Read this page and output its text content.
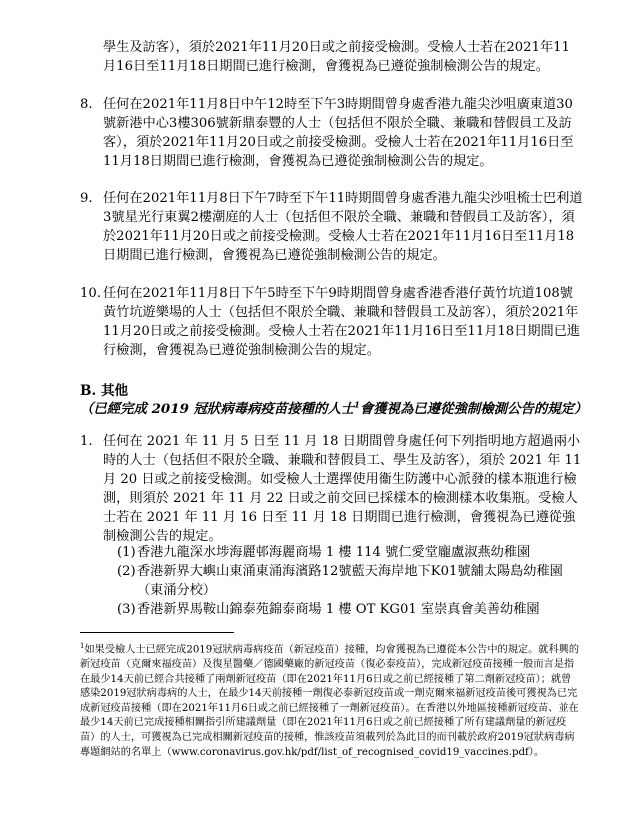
學生及訪客），須於2021年11月20日或之前接受檢測。受檢人士若在2021年11月16日至11月18日期間已進行檢測，會獲視為已遵從強制檢測公告的規定。
8. 任何在2021年11月8日中午12時至下午3時期間曾身處香港九龍尖沙咀廣東道30號新港中心3樓306號新鼎泰豐的人士（包括但不限於全職、兼職和替假員工及訪客），須於2021年11月20日或之前接受檢測。受檢人士若在2021年11月16日至11月18日期間已進行檢測，會獲視為已遵從強制檢測公告的規定。
9. 任何在2021年11月8日下午7時至下午11時期間曾身處香港九龍尖沙咀梳士巴利道3號星光行東翼2樓潮庭的人士（包括但不限於全職、兼職和替假員工及訪客），須於2021年11月20日或之前接受檢測。受檢人士若在2021年11月16日至11月18日期間已進行檢測，會獲視為已遵從強制檢測公告的規定。
10. 任何在2021年11月8日下午5時至下午9時期間曾身處香港香港仔黃竹坑道108號黃竹坑遊樂場的人士（包括但不限於全職、兼職和替假員工及訪客），須於2021年11月20日或之前接受檢測。受檢人士若在2021年11月16日至11月18日期間已進行檢測，會獲視為已遵從強制檢測公告的規定。
B. 其他
（已經完成 2019 冠狀病毒病疫苗接種的人士$^1$會獲視為已遵從強制檢測公告的規定）
1. 任何在 2021 年 11 月 5 日至 11 月 18 日期間曾身處任何下列指明地方超過兩小時的人士（包括但不限於全職、兼職和替假員工、學生及訪客），須於 2021 年 11 月 20 日或之前接受檢測。如受檢人士選擇使用衞生防護中心派發的樣本瓶進行檢測，則須於 2021 年 11 月 22 日或之前交回已採樣本的檢測樣本收集瓶。受檢人士若在 2021 年 11 月 16 日至 11 月 18 日期間已進行檢測，會獲視為已遵從強制檢測公告的規定。
(1) 香港九龍深水埗海麗邨海麗商場 1 樓 114 號仁愛堂龐盧淑燕幼稚園
(2) 香港新界大嶼山東涌東涌海濱路12號藍天海岸地下K01號舖太陽島幼稚園（東涌分校）
(3) 香港新界馬鞍山錦泰苑錦泰商場 1 樓 OT KG01 室崇真會美善幼稚園
$^1$如果受檢人士已經完成2019冠狀病毒病疫苗（新冠疫苗）接種，均會獲視為已遵從本公告中的規定。就科興的新冠疫苗（克爾來福疫苗）及復星醫藥／德國藥廠的新冠疫苗（復必泰疫苗），完成新冠疫苗接種一般而言是指在最少14天前已經合共接種了兩劑新冠疫苗（即在2021年11月6日或之前已經接種了第二劑新冠疫苗）；就曾感染2019冠狀病毒病的人士，在最少14天前接種一劑復必泰新冠疫苗或一劑克爾來福新冠疫苗後可獲視為已完成新冠疫苗接種（即在2021年11月6日或之前已經接種了一劑新冠疫苗）。在香港以外地區接種新冠疫苗、並在最少14天前已完成接種相關指引所建議劑量（即在2021年11月6日或之前已經接種了所有建議劑量的新冠疫苗）的人士，可獲視為已完成相關新冠疫苗的接種，惟該疫苗須載列於為此目的而刊載於政府2019冠狀病毒病專題網站的名單上（www.coronavirus.gov.hk/pdf/list_of_recognised_covid19_vaccines.pdf）。
